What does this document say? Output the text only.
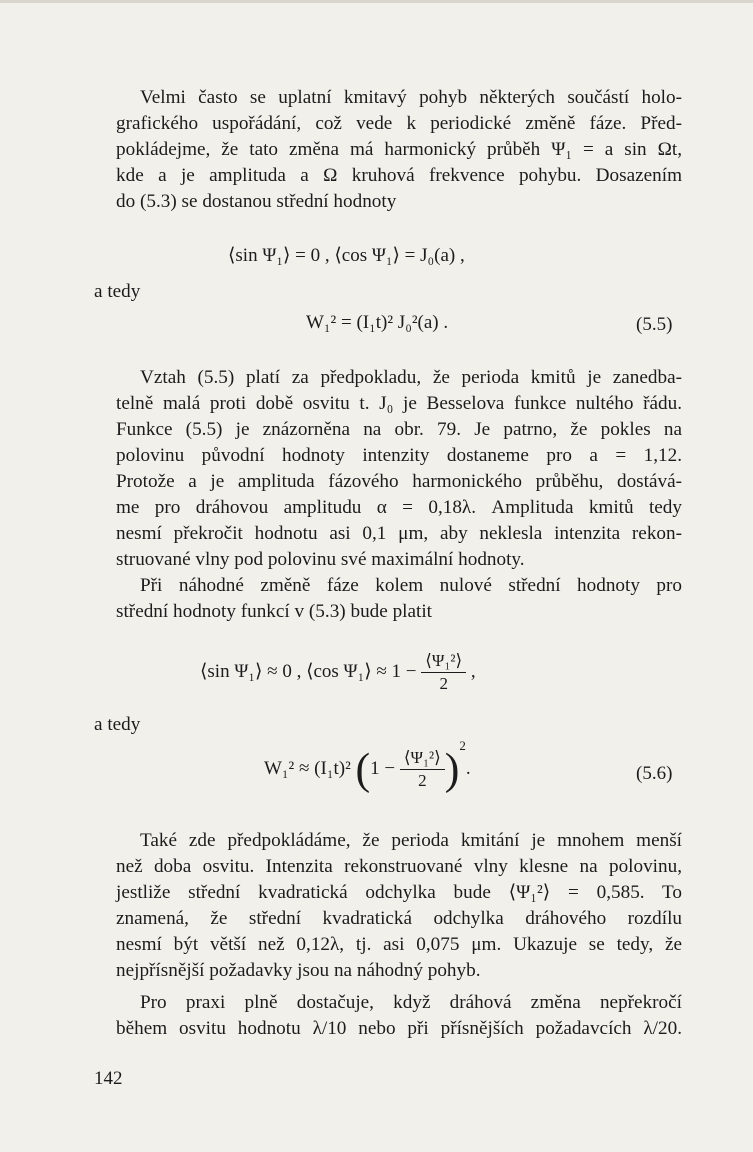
Velmi často se uplatní kmitavý pohyb některých součástí holo-
grafického uspořádání, což vede k periodické změně fáze. Před-
pokládejme, že tato změna má harmonický průběh Ψ₁ = a sin Ωt,
kde a je amplituda a Ω kruhová frekvence pohybu. Dosazením
do (5.3) se dostanou střední hodnoty
⟨sin Ψ₁⟩ = 0 , ⟨cos Ψ₁⟩ = J₀(a) ,
a tedy
W₁² = (I₁t)² J₀²(a) .	(5.5)
Vztah (5.5) platí za předpokladu, že perioda kmitů je zanedba-
telně malá proti době osvitu t. J₀ je Besselova funkce nultého řádu.
Funkce (5.5) je znázorněna na obr. 79. Je patrno, že pokles na
polovinu původní hodnoty intenzity dostaneme pro a = 1,12.
Protože a je amplituda fázového harmonického průběhu, dostává-
me pro dráhovou amplitudu α = 0,18λ. Amplituda kmitů tedy
nesmí překročit hodnotu asi 0,1 μm, aby neklesla intenzita rekon-
struované vlny pod polovinu své maximální hodnoty.
Při náhodné změně fáze kolem nulové střední hodnoty pro
střední hodnoty funkcí v (5.3) bude platit
⟨sin Ψ₁⟩ ≈ 0 , ⟨cos Ψ₁⟩ ≈ $1 - \frac{\text{⟨Ψ₁²⟩}}{2}$ ,
a tedy
W₁² ≈ (I₁t)² $(1 - \frac{\text{⟨Ψ₁²⟩}}{2} )^2$.	(5.6)
Také zde předpokládáme, že perioda kmitání je mnohem menší
než doba osvitu. Intenzita rekonstruované vlny klesne na polovinu,
jestliže střední kvadratická odchylka bude ⟨Ψ₁²⟩ = 0,585. To
znamená, že střední kvadratická odchylka dráhového rozdílu
nesmí být větší než 0,12λ, tj. asi 0,075 μm. Ukazuje se tedy, že
nejpřísnější požadavky jsou na náhodný pohyb.
Pro praxi plně dostačuje, když dráhová změna nepřekročí
během osvitu hodnotu λ/10 nebo při přísnějších požadavcích λ/20.
142
